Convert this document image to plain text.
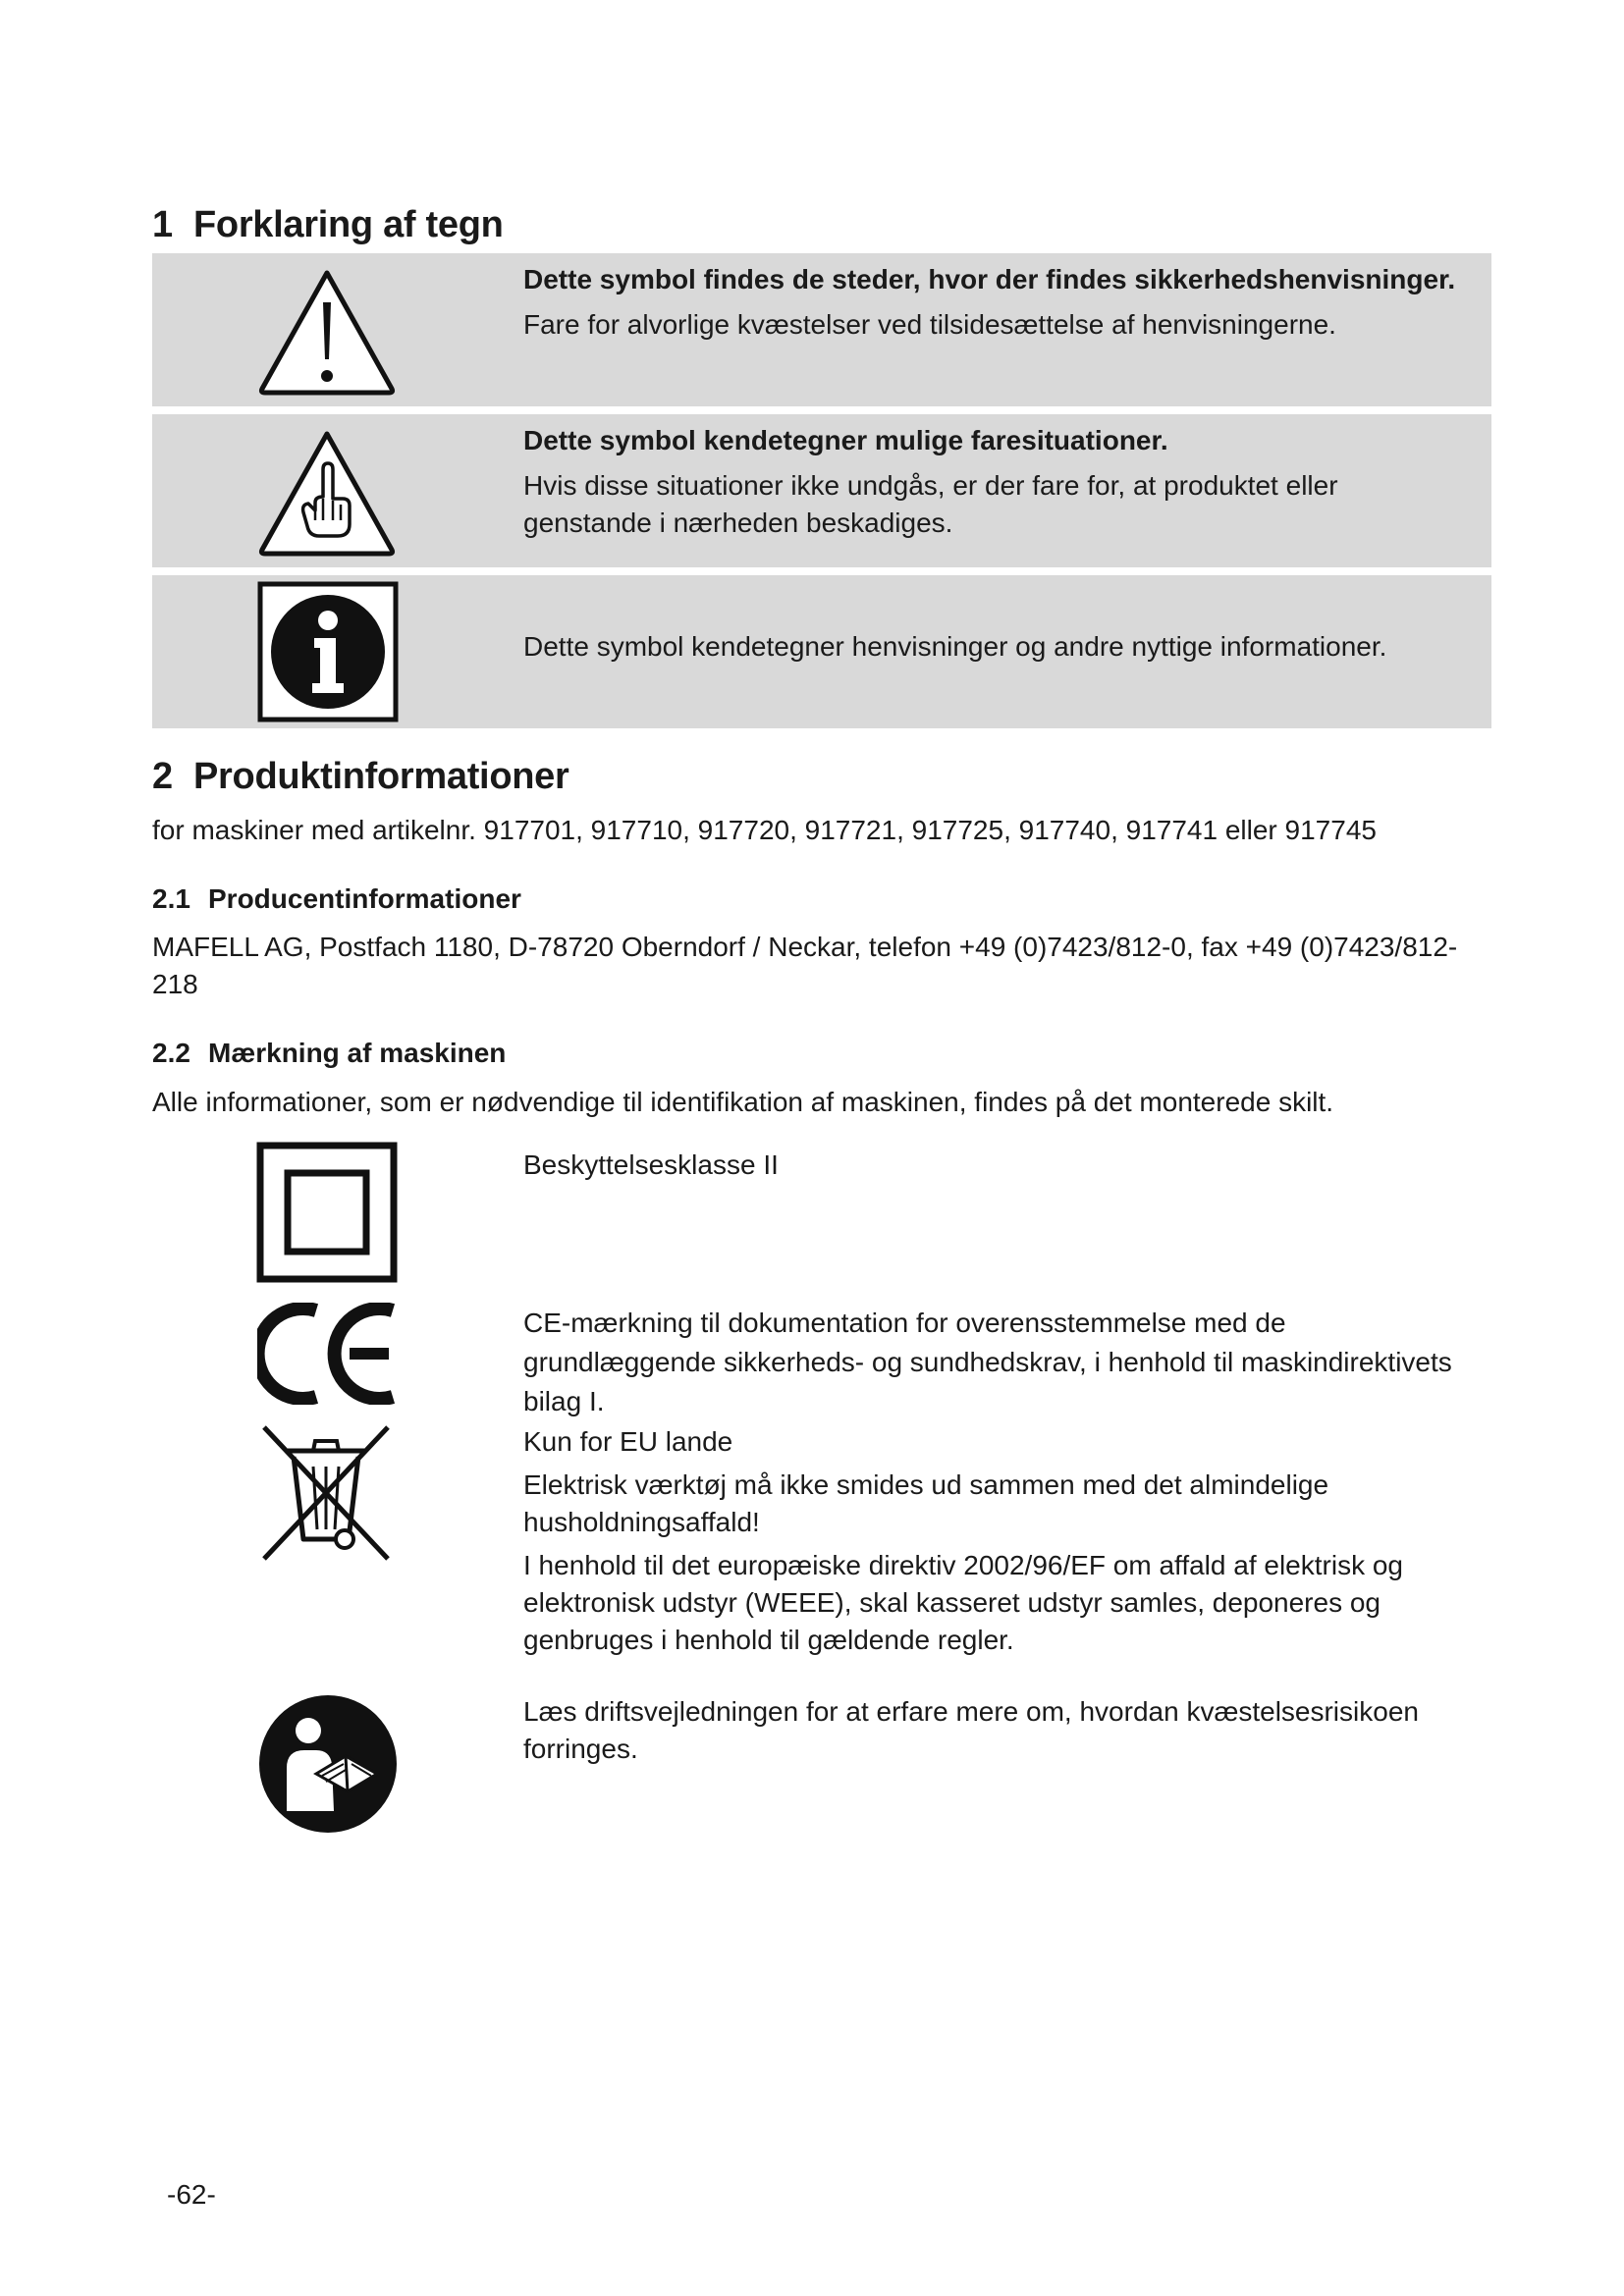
1 Forklaring af tegn
Dette symbol findes de steder, hvor der findes sikkerhedshenvisninger.
Fare for alvorlige kvæstelser ved tilsidesættelse af henvisningerne.
Dette symbol kendetegner mulige faresituationer.
Hvis disse situationer ikke undgås, er der fare for, at produktet eller genstande i nærheden beskadiges.
Dette symbol kendetegner henvisninger og andre nyttige informationer.
2 Produktinformationer
for maskiner med artikelnr. 917701, 917710, 917720, 917721, 917725, 917740, 917741 eller 917745
2.1 Producentinformationer
MAFELL AG, Postfach 1180, D-78720 Oberndorf / Neckar, telefon +49 (0)7423/812-0, fax +49 (0)7423/812-218
2.2 Mærkning af maskinen
Alle informationer, som er nødvendige til identifikation af maskinen, findes på det monterede skilt.
Beskyttelsesklasse II
CE-mærkning til dokumentation for overensstemmelse med de grundlæggende sikkerheds- og sundhedskrav, i henhold til maskindirektivets bilag I.
Kun for EU lande
Elektrisk værktøj må ikke smides ud sammen med det almindelige husholdningsaffald!
I henhold til det europæiske direktiv 2002/96/EF om affald af elektrisk og elektronisk udstyr (WEEE), skal kasseret udstyr samles, deponeres og genbruges i henhold til gældende regler.
Læs driftsvejledningen for at erfare mere om, hvordan kvæstelsesrisikoen forringes.
-62-
